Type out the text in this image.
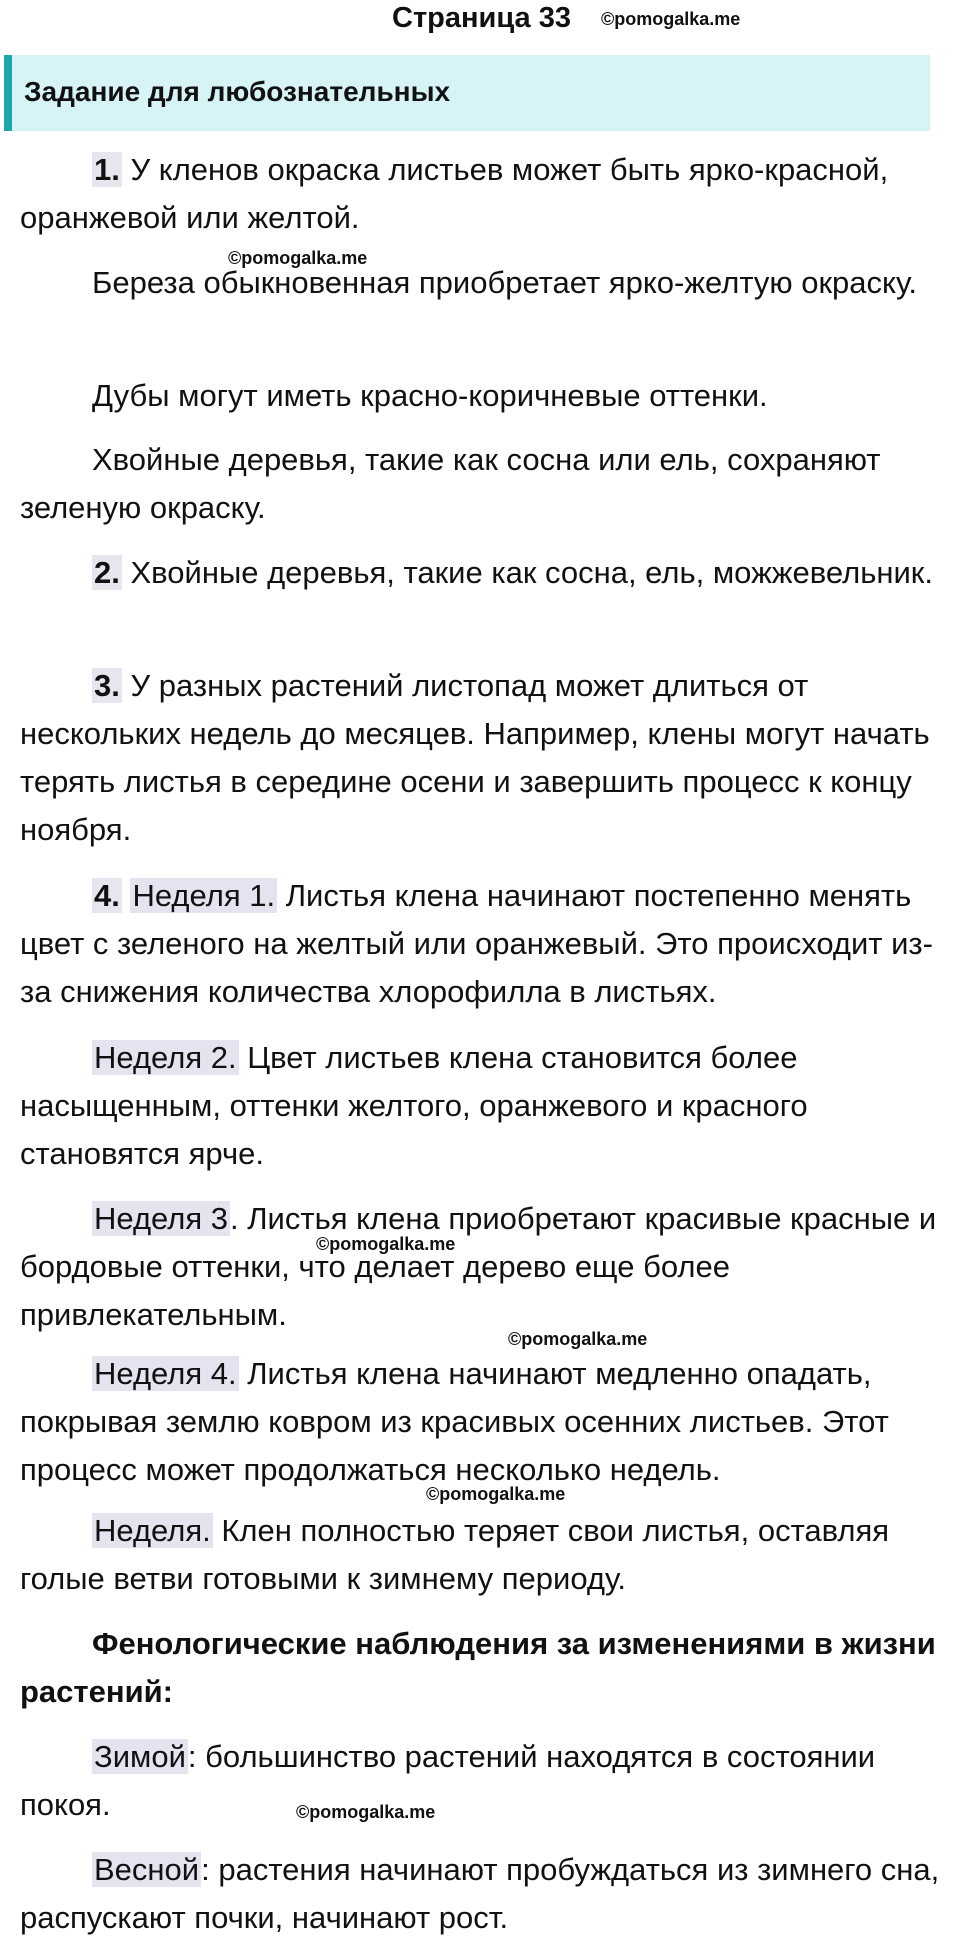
Страница 33 ©pomogalka.me
Задание для любознательных

1. У кленов окраска листьев может быть ярко-красной, оранжевой или желтой.

©pomogalka.me

Береза обыкновенная приобретает ярко-желтую окраску.

Дубы могут иметь красно-коричневые оттенки.

Хвойные деревья, такие как сосна или ель, сохраняют зеленую окраску.

2. Хвойные деревья, такие как сосна, ель, можжевельник.

3. У разных растений листопад может длиться от нескольких недель до месяцев. Например, клены могут начать терять листья в середине осени и завершить процесс к концу ноября.

4. Неделя 1. Листья клена начинают постепенно менять цвет с зеленого на желтый или оранжевый. Это происходит из-за снижения количества хлорофилла в листьях.

Неделя 2. Цвет листьев клена становится более насыщенным, оттенки желтого, оранжевого и красного становятся ярче.

Неделя 3. Листья клена приобретают красивые красные и бордовые оттенки, что делает дерево еще более привлекательным.

©pomogalka.me
©pomogalka.me

Неделя 4. Листья клена начинают медленно опадать, покрывая землю ковром из красивых осенних листьев. Этот процесс может продолжаться несколько недель.

©pomogalka.me

Неделя. Клен полностью теряет свои листья, оставляя голые ветви готовыми к зимнему периоду.

Фенологические наблюдения за изменениями в жизни растений:

Зимой: большинство растений находятся в состоянии покоя.	©pomogalka.me

Весной: растения начинают пробуждаться из зимнего сна, распускают почки, начинают рост.
